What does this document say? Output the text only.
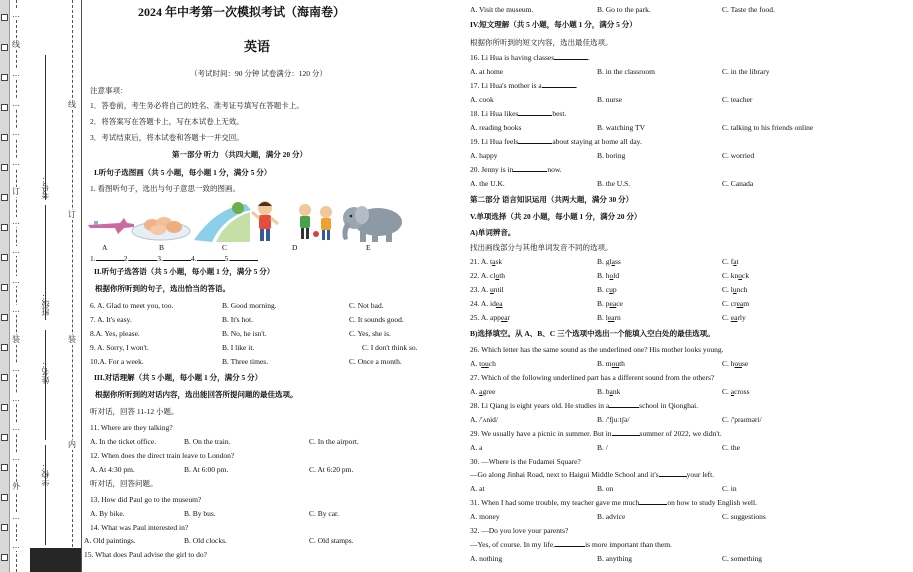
…
线
…
…
…
…
订
…
…
…
…
装
…
…
…
…
外
…
…
线
订
装
内
考号：
班级：
姓名：
学校：
2024 年中考第一次模拟考试（海南卷）
英语
（考试时间：90 分钟 试卷满分：120 分）
注意事项：
1．答卷前，考生务必将自己的姓名、准考证号填写在答题卡上。
2．将答案写在答题卡上，写在本试卷上无效。
3．考试结束后，将本试卷和答题卡一并交回。
第一部分 听力 （共四大题，满分 20 分）
I.听句子选图画（共 5 小题，每小题 1 分，满分 5 分）
1. 看图听句子，选出与句子意思一致的图画。
A	B	C	D	E
1.	2.	3.	4.	5.
II.听句子选答语（共 5 小题，每小题 1 分，满分 5 分）
根据你所听到的句子，选出恰当的答语。
6. A. Glad to meet you, too.	B. Good morning.	C. Not bad.
7. A. It's easy.	B. It's hot.	C. It sounds good.
8.A. Yes, please.	B. No, he isn't.	C. Yes, she is.
9. A. Sorry, I won't.	B. I like it.	C. I don't think so.
10.A. For a week.	B. Three times.	C. Once a month.
III.对话理解（共 5 小题，每小题 1 分，满分 5 分）
根据你所听到的对话内容，选出能回答所提问题的最佳选项。
听对话，回答 11-12 小题。
11. Where are they talking?
A. In the ticket office.	B. On the train.	C. In the airport.
12. When does the direct train leave to London?
A. At 4:30 pm.	B. At 6:00 pm.	C. At 6:20 pm.
听对话，回答问题。
13. How did Paul go to the museum?
A. By bike.	B. By bus.	C. By car.
14. What was Paul interested in?
A. Old paintings.	B. Old clocks.	C. Old stamps.
15. What does Paul advise the girl to do?
A. Visit the museum.	B. Go to the park.	C. Taste the food.
IV.短文理解（共 5 小题，每小题 1 分，满分 5 分）
根据你所听到的短文内容，选出最佳选项。
16. Li Hua is having classes	.
A. at home	B. in the classroom	C. in the library
17. Li Hua's mother is a	.
A. cook	B. nurse	C. teacher
18. Li Hua likes	best.
A. reading books	B. watching TV	C. talking to his friends online
19. Li Hua feels	about staying at home all day.
A. happy	B. boring	C. worried
20. Jenny is in	now.
A. the U.K.	B. the U.S.	C. Canada
第二部分 语言知识运用（共两大题，满分 30 分）
V.单项选择（共 20 小题，每小题 1 分，满分 20 分）
A)单词辨音。
找出画线部分与其他单词发音不同的选项。
21. A. task	B. glass	C. fat
22. A. cloth	B. hold	C. knock
23. A. until	B. cup	C. lunch
24. A. idea	B. peace	C. cream
25. A. appear	B. learn	C. early
B)选择填空。从 A、B、C 三个选项中选出一个能填入空白处的最佳选项。
26. Which letter has the same sound as the underlined one? His mother looks young.
A. touch	B. mouth	C. house
27. Which of the following underlined part has a different sound from the others?
A. agree	B. bank	C. across
28. Li Qiang is eight years old. He studies in a	school in Qionghai.
A. /'ʌnid/	B. /'fjuːtʃə/	C. /'praɪməri/
29. We usually have a picnic in summer. But in	summer of 2022, we didn't.
A. a	B. /	C. the
30. —Where is the Fudamei Square?
—Go along Jinhai Road, next to Haigui Middle School and it's	your left.
A. at	B. on	C. in
31. When I had some trouble, my teacher gave me much	on how to study English well.
A. money	B. advice	C. suggestions
32. —Do you love your parents?
—Yes, of course. In my life,	is more important than them.
A. nothing	B. anything	C. something
